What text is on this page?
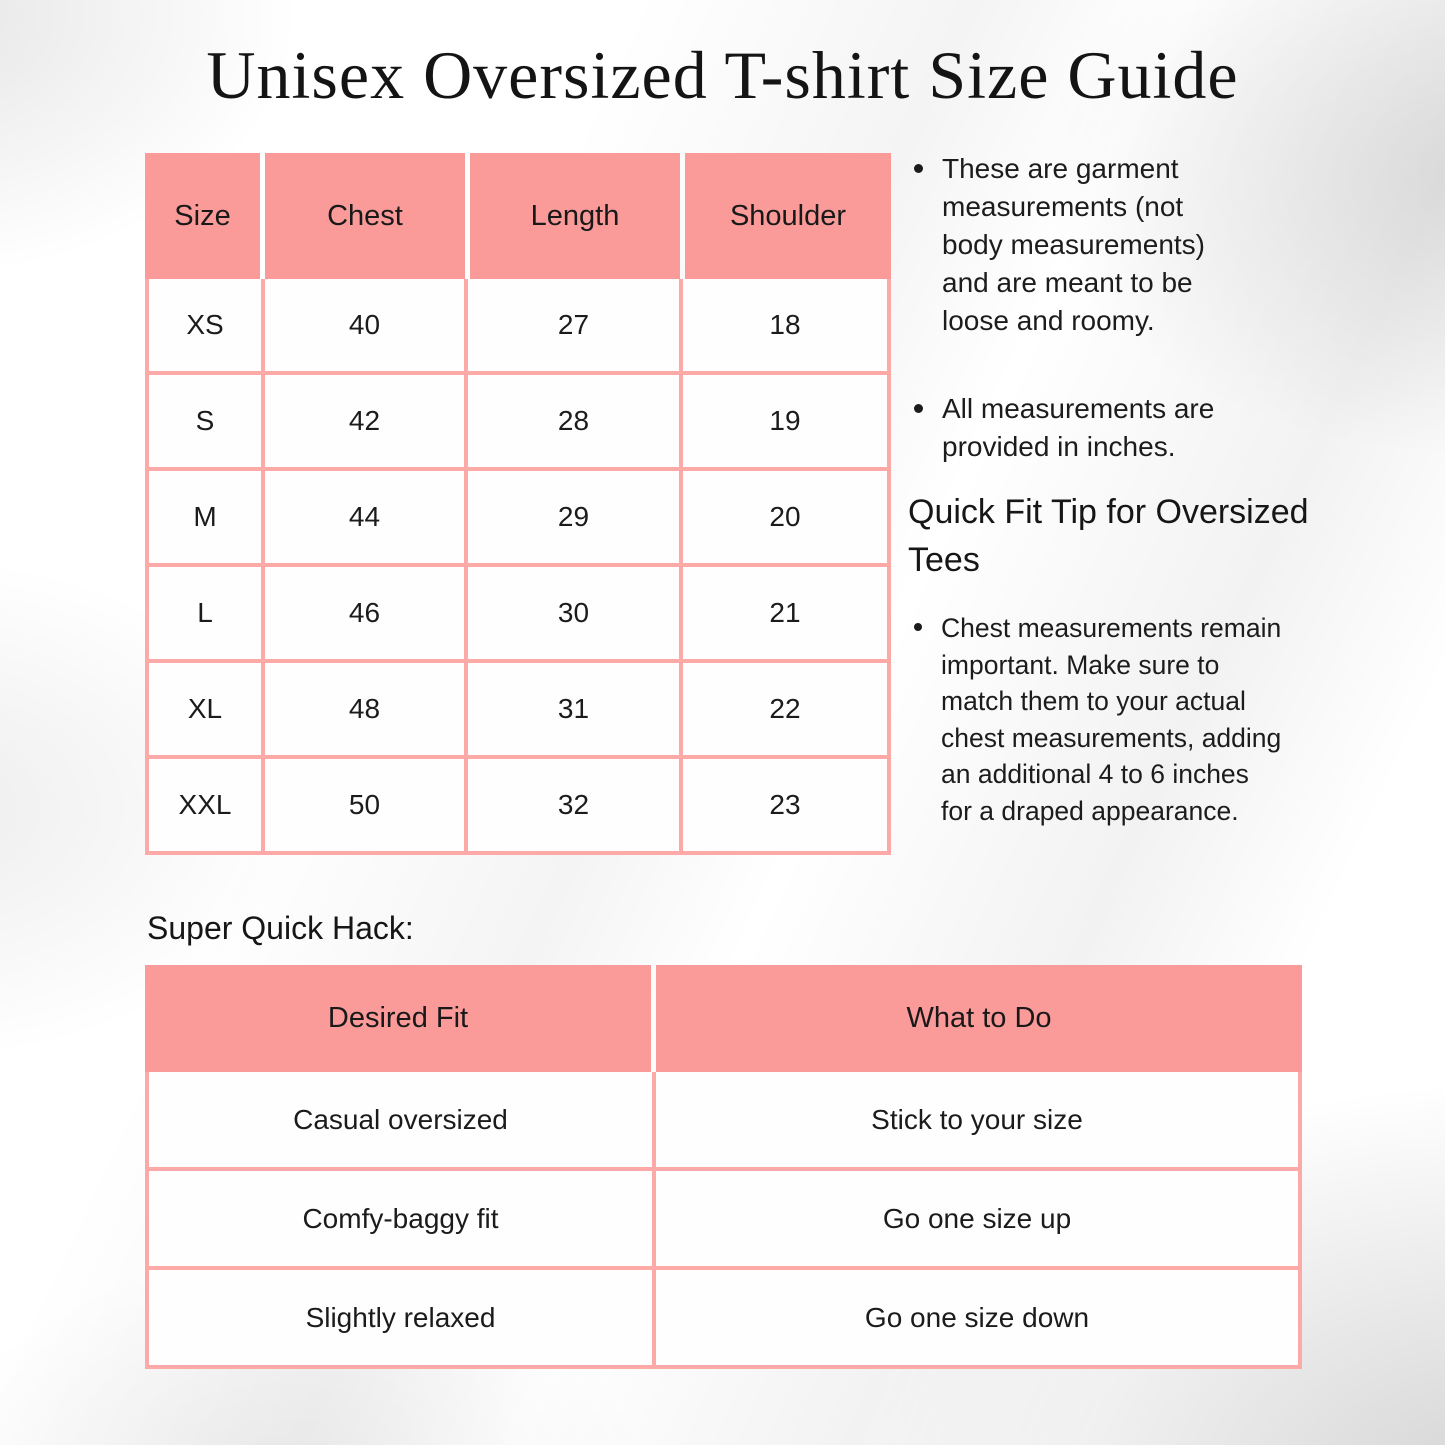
Unisex Oversized T-shirt Size Guide
Size	Chest	Length	Shoulder
XS	40	27	18
S	42	28	19
M	44	29	20
L	46	30	21
XL	48	31	22
XXL	50	32	23
These are garment measurements (not body measurements) and are meant to be loose and roomy.
All measurements are provided in inches.
Quick Fit Tip for Oversized Tees
Chest measurements remain important. Make sure to match them to your actual chest measurements, adding an additional 4 to 6 inches for a draped appearance.
Super Quick Hack:
Desired Fit	What to Do
Casual oversized	Stick to your size
Comfy-baggy fit	Go one size up
Slightly relaxed	Go one size down
